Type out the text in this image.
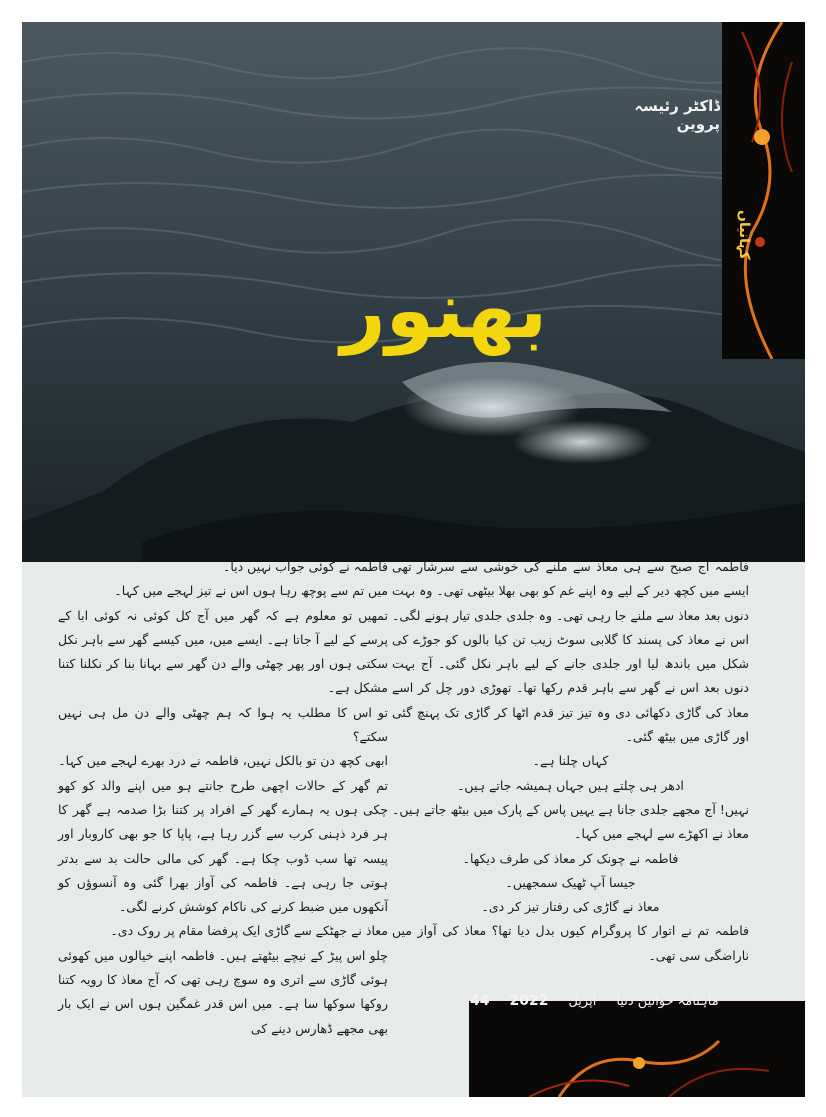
ڈاکٹر رئیسہ پروین
بھنور
کہانیاں

فاطمہ آج صبح سے ہی معاذ سے ملنے کی خوشی سے سرشار تھی ایسے میں کچھ دیر کے لیے وہ اپنے غم کو بھی بھلا بیٹھی تھی۔ وہ بہت دنوں بعد معاذ سے ملنے جا رہی تھی۔ وہ جلدی جلدی تیار ہونے لگی۔ اس نے معاذ کی پسند کا گلابی سوٹ زیب تن کیا بالوں کو جوڑے کی شکل میں باندھ لیا اور جلدی جانے کے لیے باہر نکل گئی۔ آج بہت دنوں بعد اس نے گھر سے باہر قدم رکھا تھا۔ تھوڑی دور چل کر اسے معاذ کی گاڑی دکھائی دی وہ تیز تیز قدم اٹھا کر گاڑی تک پہنچ گئی اور گاڑی میں بیٹھ گئی۔

کہاں چلنا ہے۔

ادھر ہی چلتے ہیں جہاں ہمیشہ جاتے ہیں۔

نہیں! آج مجھے جلدی جانا ہے یہیں پاس کے پارک میں بیٹھ جاتے ہیں۔ معاذ نے اکھڑے سے لہجے میں کہا۔

فاطمہ نے چونک کر معاذ کی طرف دیکھا۔

جیسا آپ ٹھیک سمجھیں۔

معاذ نے گاڑی کی رفتار تیز کر دی۔

فاطمہ تم نے اتوار کا پروگرام کیوں بدل دیا تھا؟ معاذ کی آواز میں ناراضگی سی تھی۔

فاطمہ نے کوئی جواب نہیں دیا۔

میں تم سے پوچھ رہا ہوں اس نے تیز لہجے میں کہا۔

تمھیں تو معلوم ہے کہ گھر میں آج کل کوئی نہ کوئی ابا کے پرسے کے لیے آ جاتا ہے۔ ایسے میں، میں کیسے گھر سے باہر نکل سکتی ہوں اور پھر چھٹی والے دن گھر سے بہانا بنا کر نکلنا کتنا مشکل ہے۔

تو اس کا مطلب یہ ہوا کہ ہم چھٹی والے دن مل ہی نہیں سکتے؟

ابھی کچھ دن تو بالکل نہیں، فاطمہ نے درد بھرے لہجے میں کہا۔

تم گھر کے حالات اچھی طرح جانتے ہو میں اپنے والد کو کھو چکی ہوں یہ ہمارے گھر کے افراد پر کتنا بڑا صدمہ ہے گھر کا ہر فرد ذہنی کرب سے گزر رہا ہے، پاپا کا جو بھی کاروبار اور پیسہ تھا سب ڈوب چکا ہے۔ گھر کی مالی حالت بد سے بدتر ہوتی جا رہی ہے۔ فاطمہ کی آواز بھرا گئی وہ آنسوؤں کو آنکھوں میں ضبط کرنے کی ناکام کوشش کرنے لگی۔

معاذ نے جھٹکے سے گاڑی ایک پرفضا مقام پر روک دی۔

چلو اس پیڑ کے نیچے بیٹھتے ہیں۔ فاطمہ اپنے خیالوں میں کھوئی ہوئی گاڑی سے اتری وہ سوچ رہی تھی کہ آج معاذ کا رویہ کتنا روکھا سوکھا سا ہے۔ میں اس قدر غمگین ہوں اس نے ایک بار بھی مجھے ڈھارس دینے کی

44 2022 اپریل ماہنامہ خواتین دنیا
